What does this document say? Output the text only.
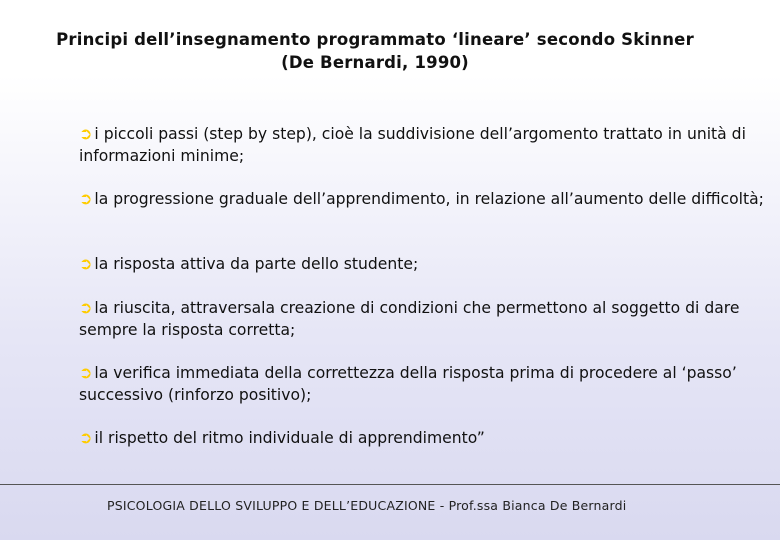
Principi dell’insegnamento programmato ‘lineare’ secondo Skinner
(De Bernardi, 1990)

➲ i piccoli passi (step by step), cioè la suddivisione dell’argomento trattato in unità di informazioni minime;

➲ la progressione graduale dell’apprendimento, in relazione all’aumento delle difficoltà;

➲ la risposta attiva da parte dello studente;

➲ la riuscita, attraversala creazione di condizioni che permettono al soggetto di dare sempre la risposta corretta;

➲ la verifica immediata della correttezza della risposta prima di procedere al ‘passo’ successivo (rinforzo positivo);

➲ il rispetto del ritmo individuale di apprendimento”

PSICOLOGIA DELLO SVILUPPO E DELL’EDUCAZIONE - Prof.ssa Bianca De Bernardi
